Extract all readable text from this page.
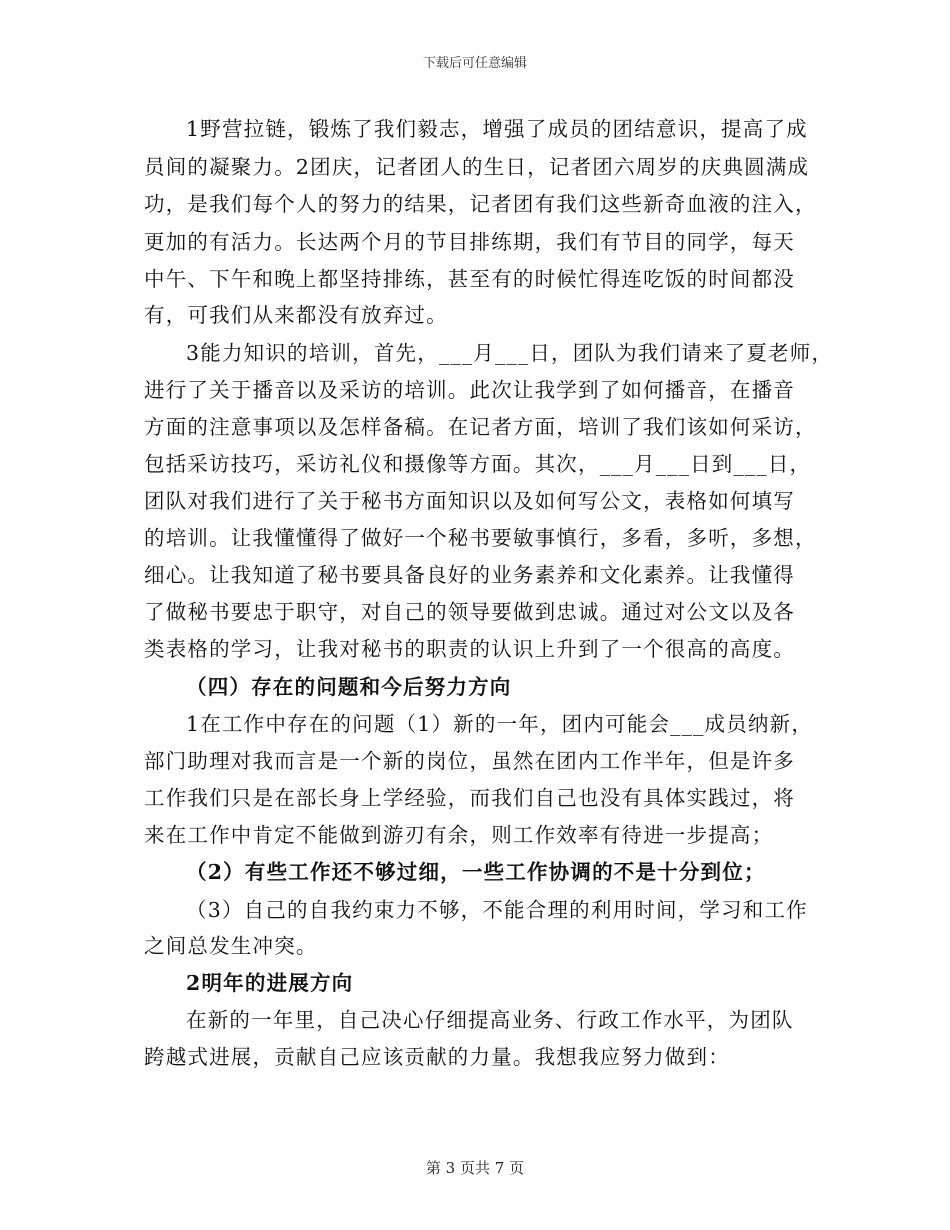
下载后可任意编辑
1野营拉链，锻炼了我们毅志，增强了成员的团结意识，提高了成
员间的凝聚力。2团庆，记者团人的生日，记者团六周岁的庆典圆满成
功，是我们每个人的努力的结果，记者团有我们这些新奇血液的注入，
更加的有活力。长达两个月的节目排练期，我们有节目的同学，每天
中午、下午和晚上都坚持排练，甚至有的时候忙得连吃饭的时间都没
有，可我们从来都没有放弃过。
3能力知识的培训，首先，___月___日，团队为我们请来了夏老师，
进行了关于播音以及采访的培训。此次让我学到了如何播音，在播音
方面的注意事项以及怎样备稿。在记者方面，培训了我们该如何采访，
包括采访技巧，采访礼仪和摄像等方面。其次，___月___日到___日，
团队对我们进行了关于秘书方面知识以及如何写公文，表格如何填写
的培训。让我懂懂得了做好一个秘书要敏事慎行，多看，多听，多想，
细心。让我知道了秘书要具备良好的业务素养和文化素养。让我懂得
了做秘书要忠于职守，对自己的领导要做到忠诚。通过对公文以及各
类表格的学习，让我对秘书的职责的认识上升到了一个很高的高度。
（四）存在的问题和今后努力方向
1在工作中存在的问题（1）新的一年，团内可能会___成员纳新，
部门助理对我而言是一个新的岗位，虽然在团内工作半年，但是许多
工作我们只是在部长身上学经验，而我们自己也没有具体实践过，将
来在工作中肯定不能做到游刃有余，则工作效率有待进一步提高；
（2）有些工作还不够过细，一些工作协调的不是十分到位；
（3）自己的自我约束力不够，不能合理的利用时间，学习和工作
之间总发生冲突。
2明年的进展方向
在新的一年里，自己决心仔细提高业务、行政工作水平，为团队
跨越式进展，贡献自己应该贡献的力量。我想我应努力做到：
第 3 页共 7 页
